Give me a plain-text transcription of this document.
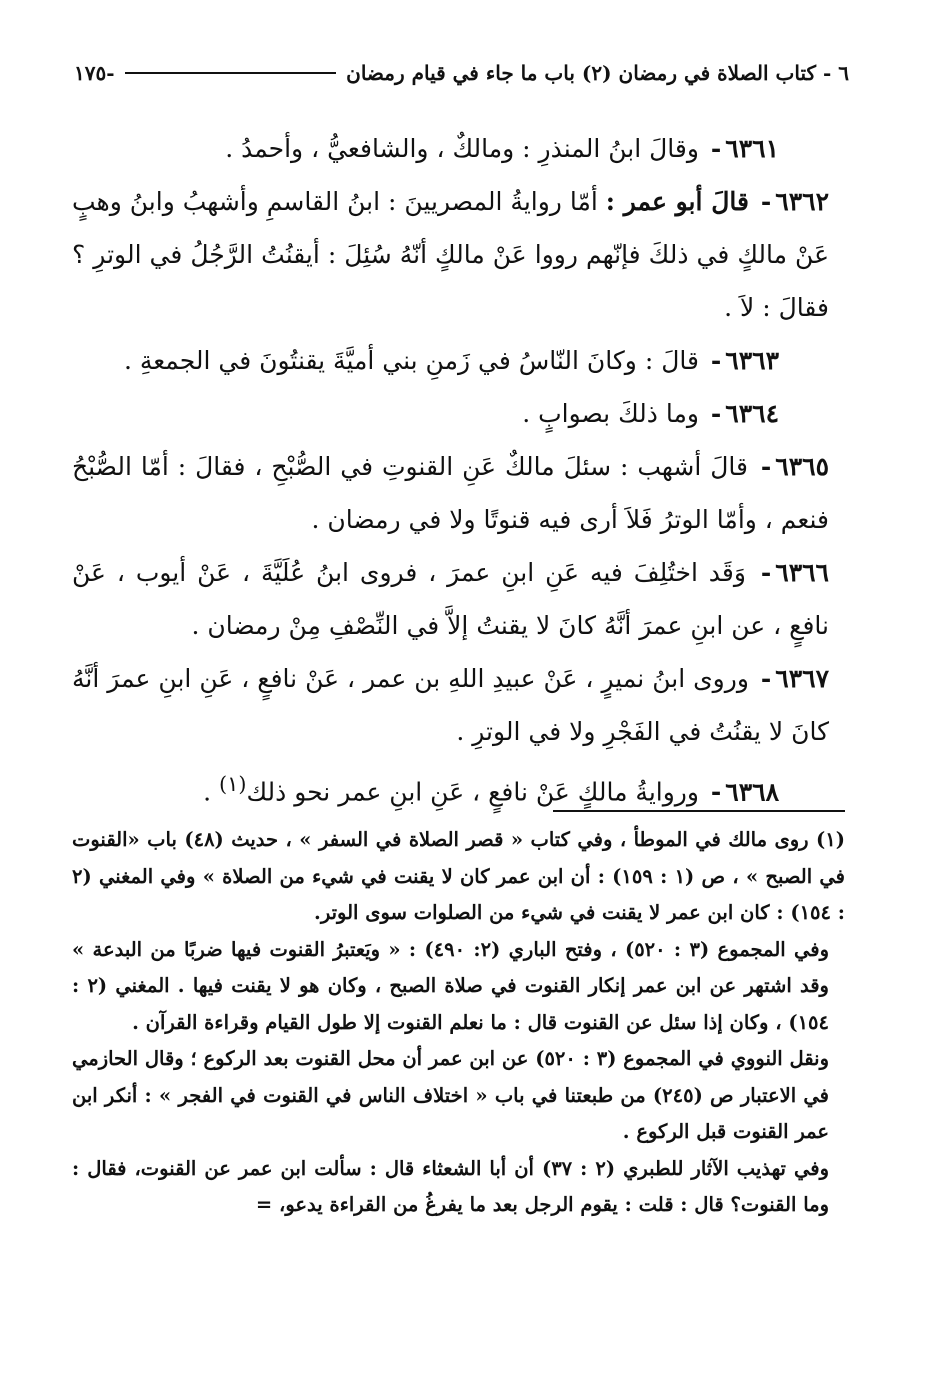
٦ - كتاب الصلاة في رمضان (٢) باب ما جاء في قيام رمضان
-١٧٥

٦٣٦١- وقالَ ابنُ المنذرِ : ومالكٌ ، والشافعيُّ ، وأحمدُ .

٦٣٦٢- قالَ أبو عمر : أمّا روايةُ المصريينَ : ابنُ القاسمِ وأشهبُ وابنُ وهبٍ عَنْ مالكٍ في ذلكَ فإنّهم رووا عَنْ مالكٍ أنّهُ سُئِلَ : أيقنُتُ الرَّجُلُ في الوترِ ؟ فقالَ : لاَ .

٦٣٦٣- قالَ : وكانَ النّاسُ في زَمنِ بني أميَّةَ يقنتُونَ في الجمعةِ .

٦٣٦٤- وما ذلكَ بصوابٍ .

٦٣٦٥- قالَ أشهب : سئلَ مالكٌ عَنِ القنوتِ في الصُّبْحِ ، فقالَ : أمّا الصُّبْحُ فنعم ، وأمّا الوترُ فَلاَ أرى فيه قنوتًا ولا في رمضان .

٦٣٦٦- وَقَد اختُلِفَ فيه عَنِ ابنِ عمرَ ، فروى ابنُ عُلَيَّةَ ، عَنْ أيوب ، عَنْ نافعٍ ، عن ابنِ عمرَ أنَّهُ كانَ لا يقنتُ إلاَّ في النِّصْفِ مِنْ رمضان .

٦٣٦٧- وروى ابنُ نميرٍ ، عَنْ عبيدِ اللهِ بن عمر ، عَنْ نافعٍ ، عَنِ ابنِ عمرَ أنَّهُ كانَ لا يقنُتُ في الفَجْرِ ولا في الوترِ .

٦٣٦٨- وروايةُ مالكٍ عَنْ نافعٍ ، عَنِ ابنِ عمر نحو ذلك$^{(١)}$ .

(١) روى مالك في الموطأ ، وفي كتاب « قصر الصلاة في السفر » ، حديث (٤٨) باب «القنوت في الصبح » ، ص (١ : ١٥٩) : أن ابن عمر كان لا يقنت في شيء من الصلاة » وفي المغني (٢ : ١٥٤) : كان ابن عمر لا يقنت في شيء من الصلوات سوى الوتر.

وفي المجموع (٣ : ٥٢٠) ، وفتح الباري (٢: ٤٩٠) : « ويَعتبرُ القنوت فيها ضربًا من البدعة » وقد اشتهر عن ابن عمر إنكار القنوت في صلاة الصبح ، وكان هو لا يقنت فيها . المغني (٢ : ١٥٤) ، وكان إذا سئل عن القنوت قال : ما نعلم القنوت إلا طول القيام وقراءة القرآن .

ونقل النووي في المجموع (٣ : ٥٢٠) عن ابن عمر أن محل القنوت بعد الركوع ؛ وقال الحازمي في الاعتبار ص (٢٤٥) من طبعتنا في باب « اختلاف الناس في القنوت في الفجر » : أنكر ابن عمر القنوت قبل الركوع .

وفي تهذيب الآثار للطبري (٢ : ٣٧) أن أبا الشعثاء قال : سألت ابن عمر عن القنوت، فقال : وما القنوت؟ قال : قلت : يقوم الرجل بعد ما يفرغُ من القراءة يدعو، =
